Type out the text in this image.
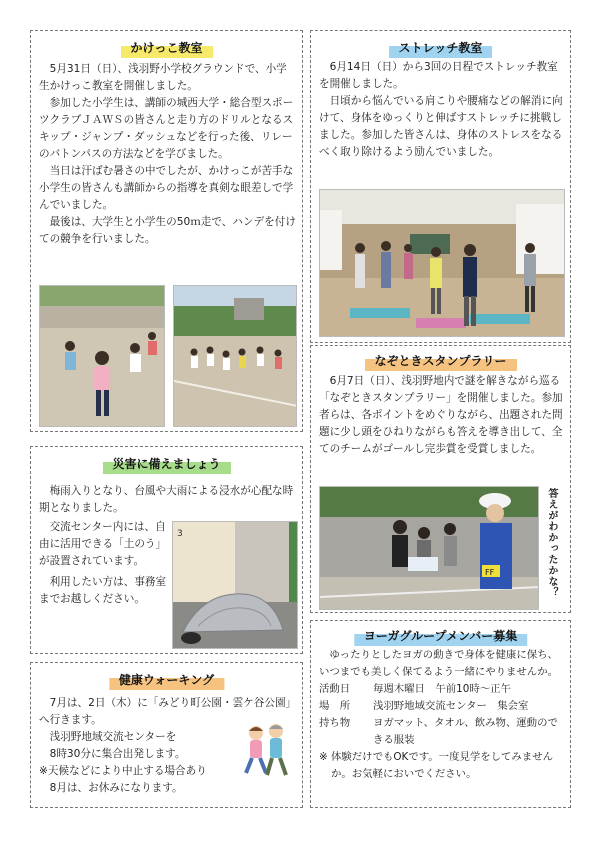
かけっこ教室

5月31日（日）、浅羽野小学校グラウンドで、小学生かけっこ教室を開催しました。

参加した小学生は、講師の城西大学・総合型スポーツクラブＪＡＷＳの皆さんと走り方のドリルとなるスキップ・ジャンプ・ダッシュなどを行った後、リレーのバトンパスの方法などを学びました。

当日は汗ばむ暑さの中でしたが、かけっこが苦手な小学生の皆さんも講師からの指導を真剣な眼差しで学んでいました。

最後は、大学生と小学生の50ｍ走で、ハンデを付けての競争を行いました。

ストレッチ教室

6月14日（日）から3回の日程でストレッチ教室を開催しました。

日頃から悩んでいる肩こりや腰痛などの解消に向けて、身体をゆっくりと伸ばすストレッチに挑戦しました。参加した皆さんは、身体のストレスをなるべく取り除けるよう励んでいました。

災害に備えましょう

梅雨入りとなり、台風や大雨による浸水が心配な時期となりました。

交流センター内には、自由に活用できる「土のう」が設置されています。

利用したい方は、事務室までお越しください。

3
なぞときスタンプラリー

6月7日（日）、浅羽野地内で謎を解きながら巡る「なぞときスタンプラリー」を開催しました。参加者らは、各ポイントをめぐりながら、出題された問題に少し頭をひねりながらも答えを導き出して、全てのチームがゴールし完歩賞を受賞しました。

FF	答えがわかったかな？
健康ウォーキング

7月は、2日（木）に「みどり町公園・雲ケ谷公園」へ行きます。

浅羽野地域交流センターを

8時30分に集合出発します。

※天候などにより中止する場合あり

8月は、お休みになります。

ヨーガグループメンバー募集

ゆったりとしたヨガの動きで身体を健康に保ち、いつまでも美しく保てるよう一緒にやりませんか。

活動日	毎週木曜日　午前10時～正午
場　所	浅羽野地域交流センター　集会室
持ち物	ヨガマット、タオル、飲み物、運動のできる服装
※ 体験だけでもOKです。一度見学をしてみませんか。お気軽においでください。
